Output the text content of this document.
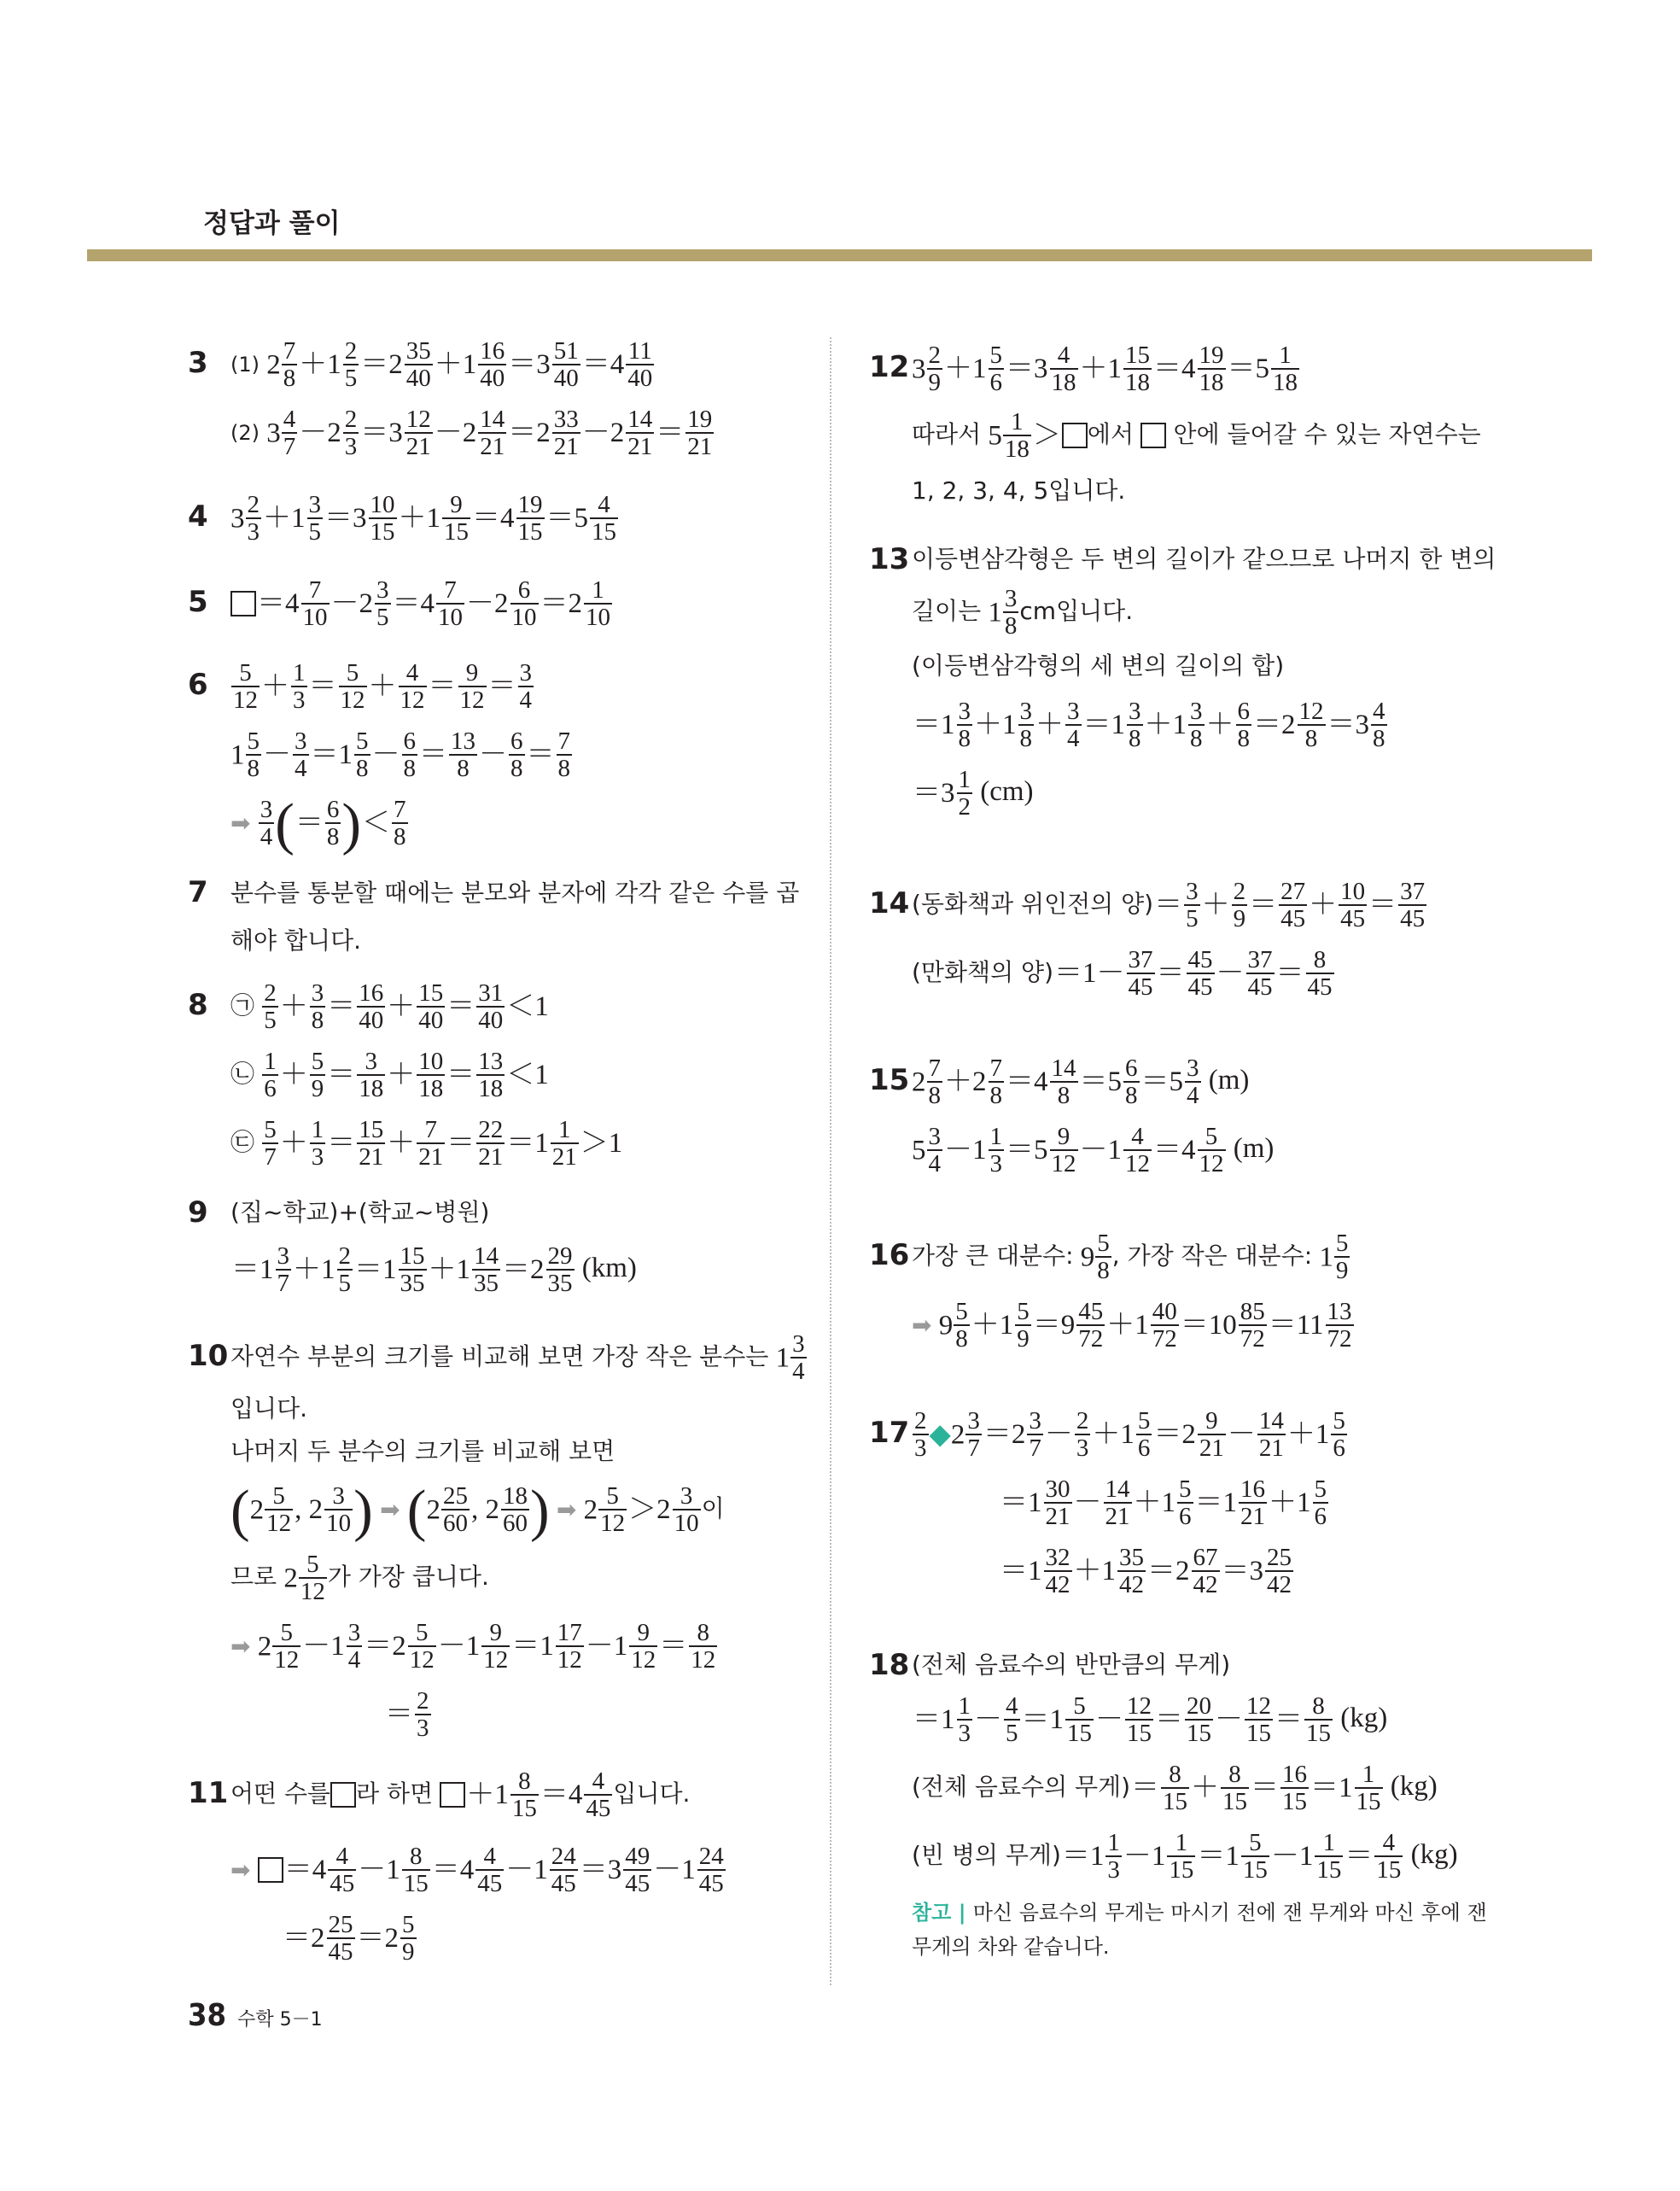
정답과 풀이
3 (1) $2 \frac{7}{8} +1 \frac{2}{5} =2 \frac{35}{40} +1 \frac{16}{40} =3 \frac{51}{40} =4 \frac{11}{40}$
(2) $3 \frac{4}{7} -2 \frac{2}{3} =3 \frac{12}{21} -2 \frac{14}{21} =2 \frac{33}{21} -2 \frac{14}{21} = \frac{19}{21}$
4 $3 \frac{2}{3} +1 \frac{3}{5} =3 \frac{10}{15} +1 \frac{9}{15} =4 \frac{19}{15} =5 \frac{4}{15}$
5	$=4 \frac{7}{10} -2 \frac{3}{5} =4 \frac{7}{10} -2 \frac{6}{10} =2 \frac{1}{10}$
$6 \frac{5}{12} + \frac{1}{3} = \frac{5}{12} + \frac{4}{12} = \frac{9}{12} = \frac{3}{4}$
$1 \frac{5}{8} - \frac{3}{4} =1 \frac{5}{8} - \frac{6}{8} = \frac{13}{8} - \frac{6}{8} = \frac{7}{8}$
➡ $\frac{3}{4}$ (＝ $\frac{6}{8}$ )＜ $\frac{7}{8}$
7 분수를 통분할 때에는 분모와 분자에 각각 같은 수를 곱
해야 합니다.
8 ㉠ $\frac{2}{5} + \frac{3}{8} = \frac{16}{40} + \frac{15}{40} = \frac{31}{40} <1$
㉡ $\frac{1}{6} + \frac{5}{9} = \frac{3}{18} + \frac{10}{18} = \frac{13}{18} <1$
㉢ $\frac{5}{7} + \frac{1}{3} = \frac{15}{21} + \frac{7}{21} = \frac{22}{21} =1 \frac{1}{21} >1$
9 (집~학교)+(학교~병원)
$=1 \frac{3}{7} +1 \frac{2}{5} =1 \frac{15}{35} +1 \frac{14}{35} =2 \frac{29}{35} (km)$
10 자연수 부분의 크기를 비교해 보면 가장 작은 분수는 $1 \frac{3}{4}$
입니다.
나머지 두 분수의 크기를 비교해 보면
($2 \frac{5}{12}$ , $2 \frac{3}{10}$ ) ➡ ($2 \frac{25}{60}$ , $2 \frac{18}{60}$ ) ➡ $2 \frac{5}{12} >2 \frac{3}{10}$ 이
므로 $2 \frac{5}{12}$ 가 가장 큽니다.
➡ $2 \frac{5}{12} -1 \frac{3}{4} =2 \frac{5}{12} -1 \frac{9}{12} =1 \frac{17}{12} -1 \frac{9}{12} = \frac{8}{12}$
＝ $\frac{2}{3}$
11 어떤 수를 라 하면 $+1 \frac{8}{15} =4 \frac{4}{45}$ 입니다.
➡ $=4 \frac{4}{45} -1 \frac{8}{15} =4 \frac{4}{45} -1 \frac{24}{45} =3 \frac{49}{45} -1 \frac{24}{45}$
$=2 \frac{25}{45} =2 \frac{5}{9}$
12 $3 \frac{2}{9} +1 \frac{5}{6} =3 \frac{4}{18} +1 \frac{15}{18} =4 \frac{19}{18} =5 \frac{1}{18}$
따라서 $5 \frac{1}{18}$ ＞ 에서 안에 들어갈 수 있는 자연수는
1, 2, 3, 4, 5입니다.
13 이등변삼각형은 두 변의 길이가 같으므로 나머지 한 변의
길이는 $1 \frac{3}{8}$ cm입니다.
(이등변삼각형의 세 변의 길이의 합)
$=1 \frac{3}{8} +1 \frac{3}{8} + \frac{3}{4} =1 \frac{3}{8} +1 \frac{3}{8} + \frac{6}{8} =2 \frac{12}{8} =3 \frac{4}{8}$
$=3 \frac{1}{2} (cm)$
14 (동화책과 위인전의 양)＝ $\frac{3}{5} + \frac{2}{9} = \frac{27}{45} + \frac{10}{45} = \frac{37}{45}$
(만화책의 양)$=1- \frac{37}{45} = \frac{45}{45} - \frac{37}{45} = \frac{8}{45}$
15 $2 \frac{7}{8} +2 \frac{7}{8} =4 \frac{14}{8} =5 \frac{6}{8} =5 \frac{3}{4} (m)$
$5 \frac{3}{4} -1 \frac{1}{3} =5 \frac{9}{12} -1 \frac{4}{12} =4 \frac{5}{12} (m)$
16 가장 큰 대분수: $9 \frac{5}{8}$ , 가장 작은 대분수: $1 \frac{5}{9}$
➡ $9 \frac{5}{8} +1 \frac{5}{9} =9 \frac{45}{72} +1 \frac{40}{72} =10 \frac{85}{72} =11 \frac{13}{72}$
$17 \frac{2}{3}$ ◆2 $\frac{3}{7} =2 \frac{3}{7} - \frac{2}{3} +1 \frac{5}{6} =2 \frac{9}{21} - \frac{14}{21} +1 \frac{5}{6}$
$=1 \frac{30}{21} - \frac{14}{21} +1 \frac{5}{6} =1 \frac{16}{21} +1 \frac{5}{6}$
$=1 \frac{32}{42} +1 \frac{35}{42} =2 \frac{67}{42} =3 \frac{25}{42}$
18 (전체 음료수의 반만큼의 무게)
$=1 \frac{1}{3} - \frac{4}{5} =1 \frac{5}{15} - \frac{12}{15} = \frac{20}{15} - \frac{12}{15} = \frac{8}{15} (kg)$
(전체 음료수의 무게)＝ $\frac{8}{15} + \frac{8}{15} = \frac{16}{15} =1 \frac{1}{15} (kg)$
(빈 병의 무게)$=1 \frac{1}{3} -1 \frac{1}{15} =1 \frac{5}{15} -1 \frac{1}{15} = \frac{4}{15} (kg)$
참고 | 마신 음료수의 무게는 마시기 전에 잰 무게와 마신 후에 잰
무게의 차와 같습니다.
38 수학 5－1
